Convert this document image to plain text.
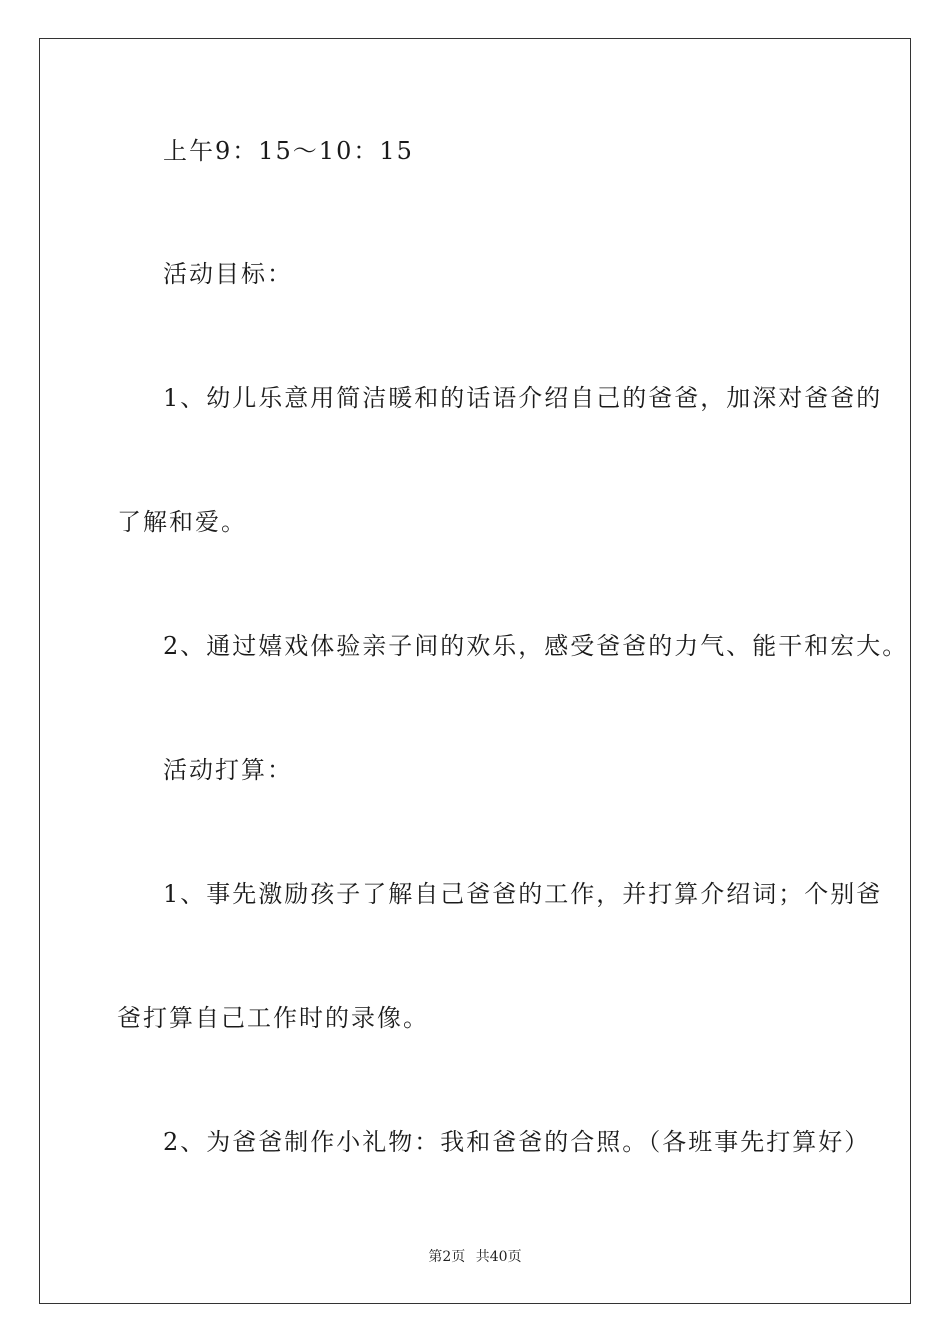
上午9：15～10：15
活动目标：
1、幼儿乐意用简洁暖和的话语介绍自己的爸爸，加深对爸爸的
了解和爱。
2、通过嬉戏体验亲子间的欢乐，感受爸爸的力气、能干和宏大。
活动打算：
1、事先激励孩子了解自己爸爸的工作，并打算介绍词；个别爸
爸打算自己工作时的录像。
2、为爸爸制作小礼物：我和爸爸的合照。（各班事先打算好）
第2页 共40页
